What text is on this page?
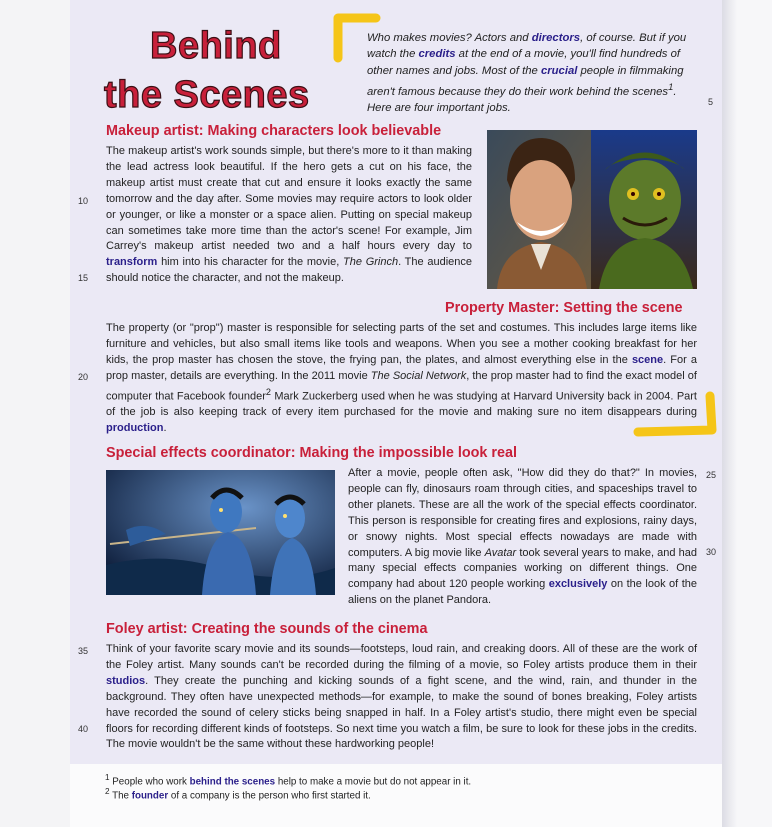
Behind
the Scenes
Who makes movies? Actors and directors, of course. But if you watch the credits at the end of a movie, you'll find hundreds of other names and jobs. Most of the crucial people in filmmaking aren't famous because they do their work behind the scenes$^1$. Here are four important jobs.
5
10
15
20
25
30
35
40
Makeup artist: Making characters look believable
The makeup artist's work sounds simple, but there's more to it than making the lead actress look beautiful. If the hero gets a cut on his face, the makeup artist must create that cut and ensure it looks exactly the same tomorrow and the day after. Some movies may require actors to look older or younger, or like a monster or a space alien. Putting on special makeup can sometimes take more time than the actor's scene! For example, Jim Carrey's makeup artist needed two and a half hours every day to transform him into his character for the movie, The Grinch. The audience should notice the character, and not the makeup.
Property Master: Setting the scene
The property (or "prop") master is responsible for selecting parts of the set and costumes. This includes large items like furniture and vehicles, but also small items like tools and weapons. When you see a mother cooking breakfast for her kids, the prop master has chosen the stove, the frying pan, the plates, and almost everything else in the scene. For a prop master, details are everything. In the 2011 movie The Social Network, the prop master had to find the exact model of computer that Facebook founder$^2$ Mark Zuckerberg used when he was studying at Harvard University back in 2004. Part of the job is also keeping track of every item purchased for the movie and making sure no item disappears during production.
Special effects coordinator: Making the impossible look real
After a movie, people often ask, "How did they do that?" In movies, people can fly, dinosaurs roam through cities, and spaceships travel to other planets. These are all the work of the special effects coordinator. This person is responsible for creating fires and explosions, rainy days, or snowy nights. Most special effects nowadays are made with computers. A big movie like Avatar took several years to make, and had many special effects companies working on different things. One company had about 120 people working exclusively on the look of the aliens on the planet Pandora.
Foley artist: Creating the sounds of the cinema
Think of your favorite scary movie and its sounds—footsteps, loud rain, and creaking doors. All of these are the work of the Foley artist. Many sounds can't be recorded during the filming of a movie, so Foley artists produce them in their studios. They create the punching and kicking sounds of a fight scene, and the wind, rain, and thunder in the background. They often have unexpected methods—for example, to make the sound of bones breaking, Foley artists have recorded the sound of celery sticks being snapped in half. In a Foley artist's studio, there might even be special floors for recording different kinds of footsteps. So next time you watch a film, be sure to look for these jobs in the credits. The movie wouldn't be the same without these hardworking people!
$^1$ People who work behind the scenes help to make a movie but do not appear in it.
$^2$ The founder of a company is the person who first started it.
